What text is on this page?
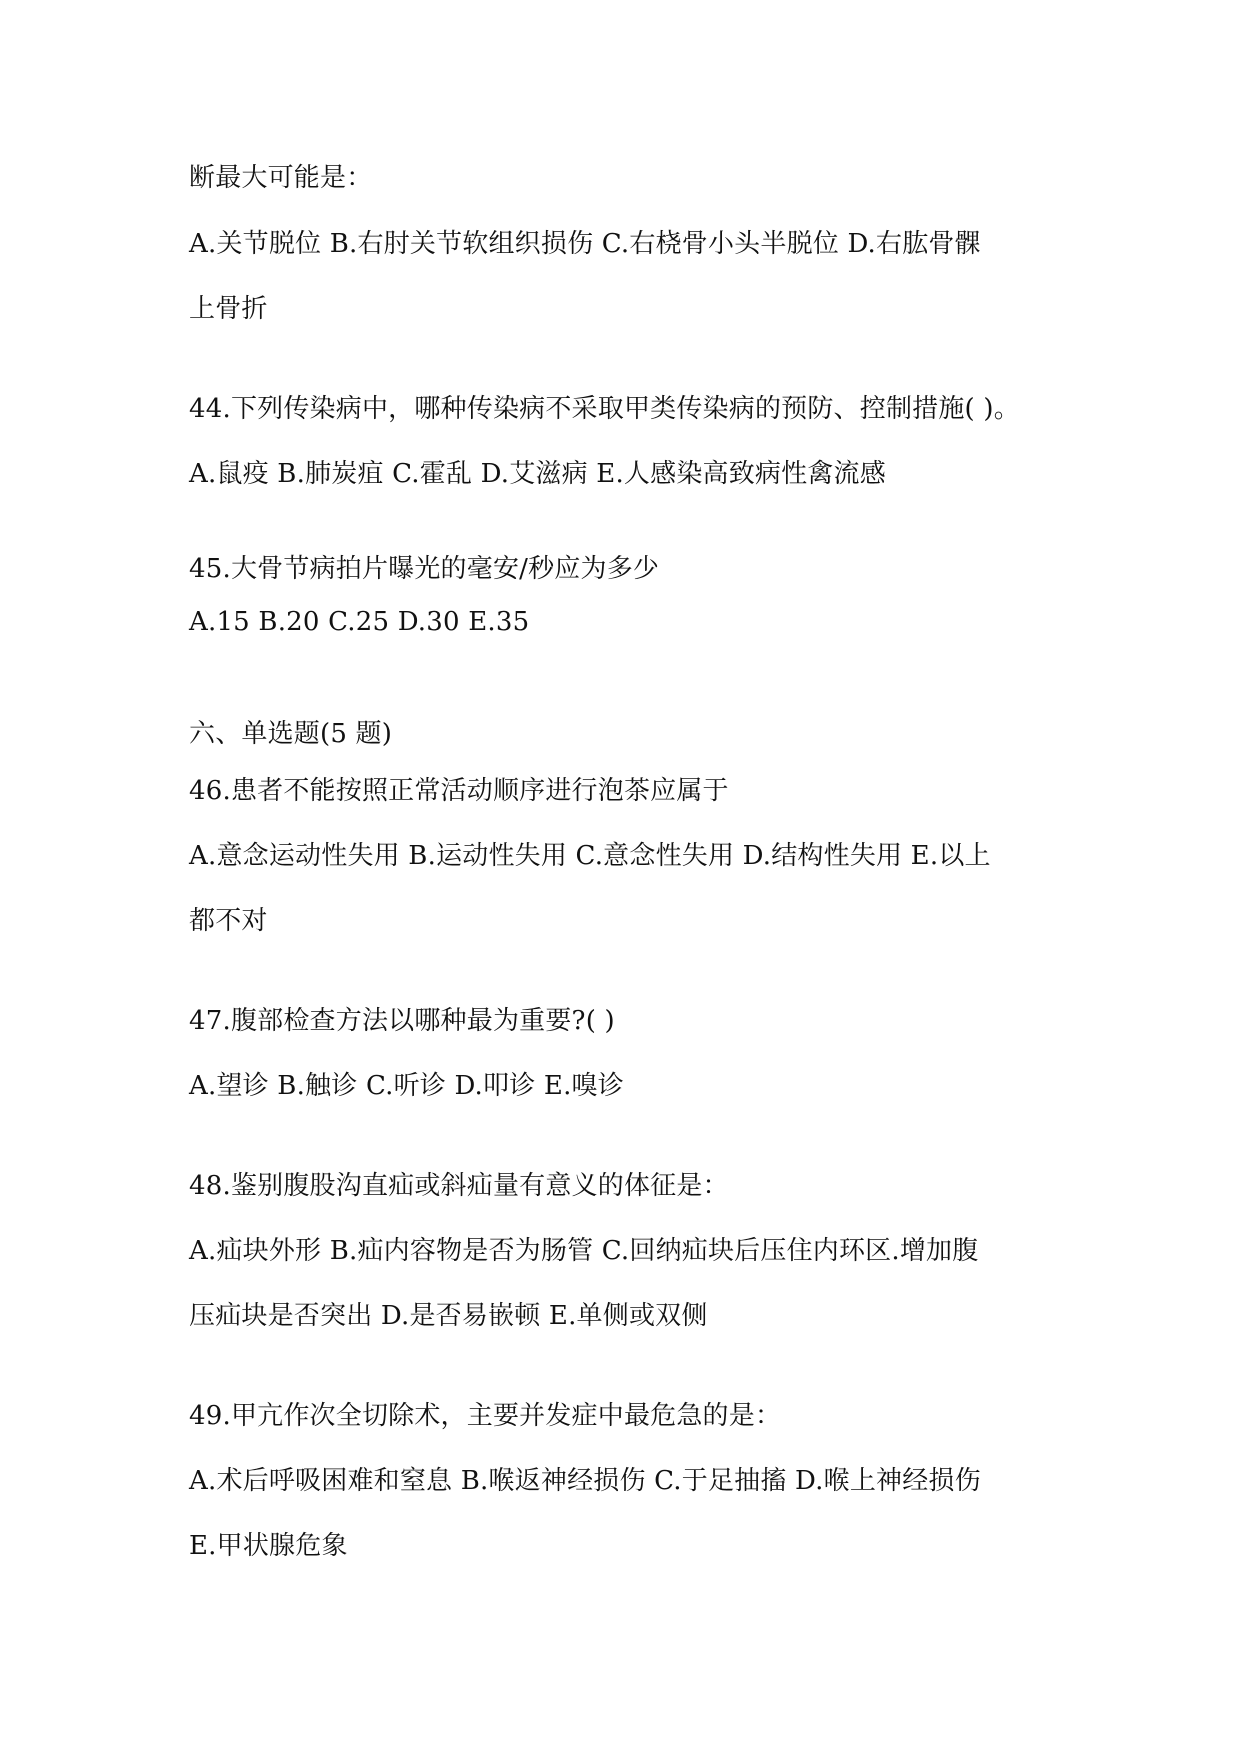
断最大可能是：
A.关节脱位 B.右肘关节软组织损伤 C.右桡骨小头半脱位 D.右肱骨髁
上骨折
44.下列传染病中，哪种传染病不采取甲类传染病的预防、控制措施( )。
A.鼠疫 B.肺炭疽 C.霍乱 D.艾滋病 E.人感染高致病性禽流感
45.大骨节病拍片曝光的毫安/秒应为多少
A.15 B.20 C.25 D.30 E.35
六、单选题(5 题)
46.患者不能按照正常活动顺序进行泡茶应属于
A.意念运动性失用 B.运动性失用 C.意念性失用 D.结构性失用 E.以上
都不对
47.腹部检查方法以哪种最为重要?( )
A.望诊 B.触诊 C.听诊 D.叩诊 E.嗅诊
48.鉴别腹股沟直疝或斜疝量有意义的体征是：
A.疝块外形 B.疝内容物是否为肠管 C.回纳疝块后压住内环区.增加腹
压疝块是否突出 D.是否易嵌顿 E.单侧或双侧
49.甲亢作次全切除术，主要并发症中最危急的是：
A.术后呼吸困难和窒息 B.喉返神经损伤 C.于足抽搐 D.喉上神经损伤
E.甲状腺危象
